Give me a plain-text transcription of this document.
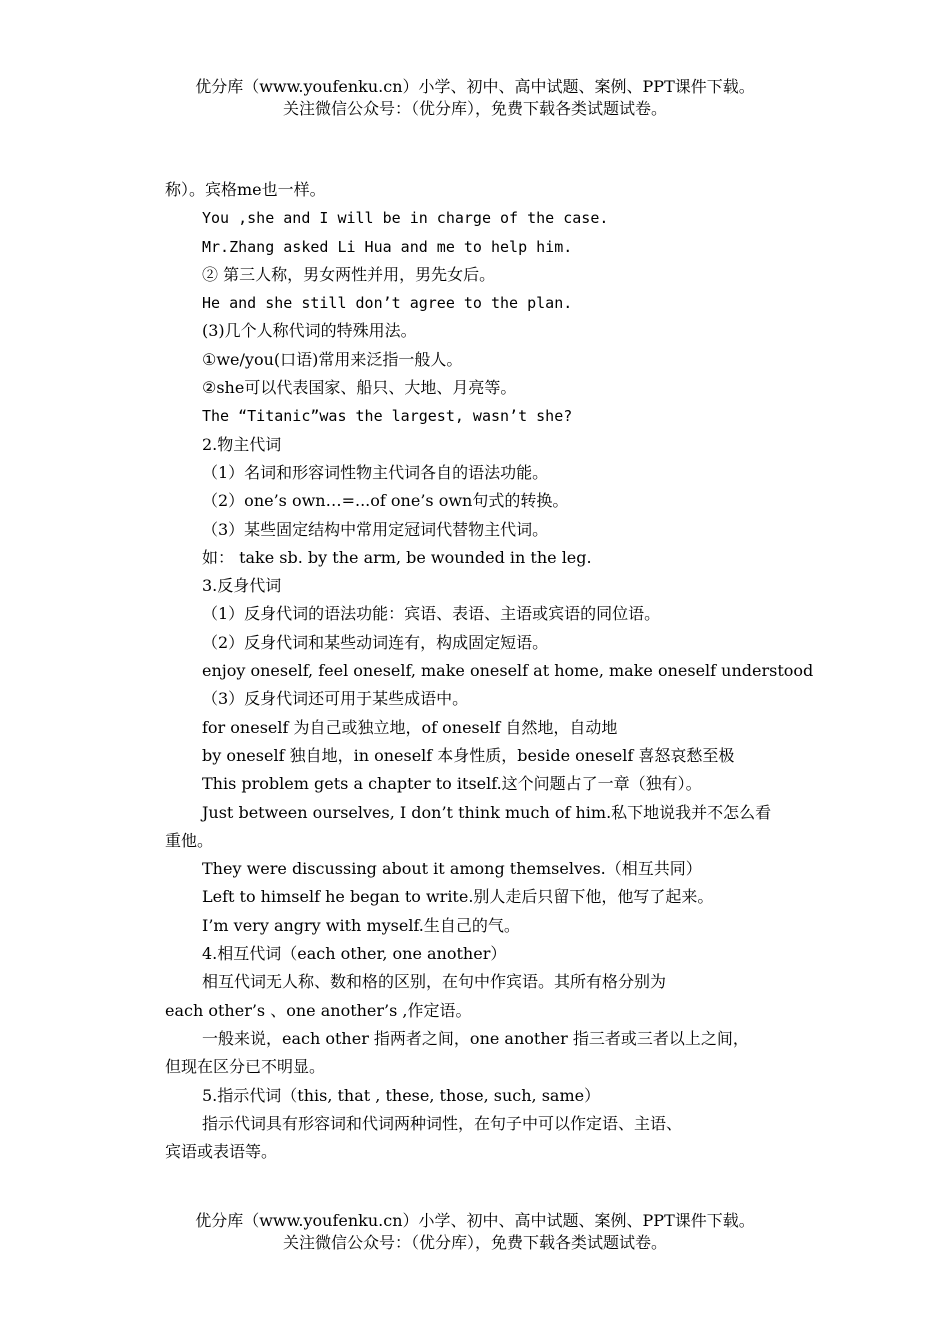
优分库（www.youfenku.cn）小学、初中、高中试题、案例、PPT课件下载。
关注微信公众号：（优分库），免费下载各类试题试卷。
称）。宾格me也一样。
You ,she and I will be in charge of the case.
Mr.Zhang asked Li Hua and me to help him.
② 第三人称，男女两性并用，男先女后。
He and she still don’t agree to the plan.
(3)几个人称代词的特殊用法。
①we/you(口语)常用来泛指一般人。
②she可以代表国家、船只、大地、月亮等。
The “Titanic”was the largest, wasn’t she?
2.物主代词
（1）名词和形容词性物主代词各自的语法功能。
（2）one’s own…=...of one’s own句式的转换。
（3）某些固定结构中常用定冠词代替物主代词。
如： take sb. by the arm, be wounded in the leg.
3.反身代词
（1）反身代词的语法功能：宾语、表语、主语或宾语的同位语。
（2）反身代词和某些动词连有，构成固定短语。
enjoy oneself, feel oneself, make oneself at home, make oneself understood
（3）反身代词还可用于某些成语中。
for oneself 为自己或独立地，of oneself 自然地，自动地
by oneself 独自地，in oneself 本身性质，beside oneself 喜怒哀愁至极
This problem gets a chapter to itself.这个问题占了一章（独有）。
Just between ourselves, I don’t think much of him.私下地说我并不怎么看
重他。
They were discussing about it among themselves.（相互共同）
Left to himself he began to write.别人走后只留下他，他写了起来。
I’m very angry with myself.生自己的气。
4.相互代词（each other, one another）
相互代词无人称、数和格的区别，在句中作宾语。其所有格分别为
each other’s 、one another’s ,作定语。
一般来说，each other 指两者之间，one another 指三者或三者以上之间，
但现在区分已不明显。
5.指示代词（this, that , these, those, such, same）
指示代词具有形容词和代词两种词性，在句子中可以作定语、主语、
宾语或表语等。
优分库（www.youfenku.cn）小学、初中、高中试题、案例、PPT课件下载。
关注微信公众号：（优分库），免费下载各类试题试卷。
